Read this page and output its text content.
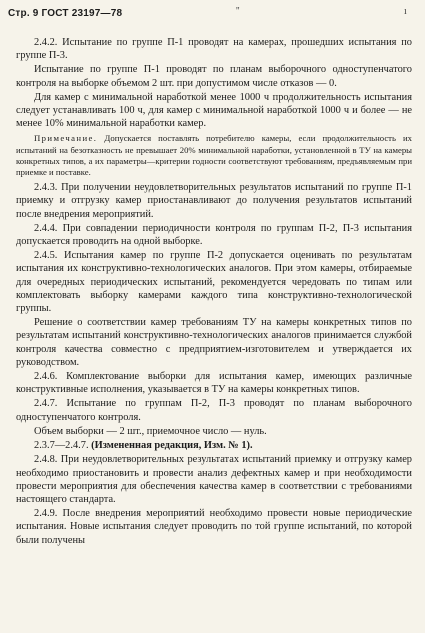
Стр. 9 ГОСТ 23197—78	''	ı

2.4.2. Испытание по группе П-1 проводят на камерах, прошедших испытания по группе П-3.

Испытание по группе П-1 проводят по планам выборочного одноступенчатого контроля на выборке объемом 2 шт. при допустимом числе отказов — 0.

Для камер с минимальной наработкой менее 1000 ч продолжительность испытания следует устанавливать 100 ч, для камер с минимальной наработкой 1000 ч и более — не менее 10% минимальной наработки камер.

Примечание. Допускается поставлять потребителю камеры, если продолжительность их испытаний на безотказность не превышает 20% минимальной наработки, установленной в ТУ на камеры конкретных типов, а их параметры—критерии годности соответствуют требованиям, предъявляемым при приемке и поставке.

2.4.3. При получении неудовлетворительных результатов испытаний по группе П-1 приемку и отгрузку камер приостанавливают до получения результатов испытаний после внедрения мероприятий.

2.4.4. При совпадении периодичности контроля по группам П-2, П-3 испытания допускается проводить на одной выборке.

2.4.5. Испытания камер по группе П-2 допускается оценивать по результатам испытания их конструктивно-технологических аналогов. При этом камеры, отбираемые для очередных периодических испытаний, рекомендуется чередовать по типам или комплектовать выборку камерами каждого типа конструктивно-технологической группы.

Решение о соответствии камер требованиям ТУ на камеры конкретных типов по результатам испытаний конструктивно-технологических аналогов принимается службой контроля качества совместно с предприятием-изготовителем и утверждается их руководством.

2.4.6. Комплектование выборки для испытания камер, имеющих различные конструктивные исполнения, указывается в ТУ на камеры конкретных типов.

2.4.7. Испытание по группам П-2, П-3 проводят по планам выборочного одноступенчатого контроля.

Объем выборки — 2 шт., приемочное число — нуль.

2.3.7—2.4.7. (Измененная редакция, Изм. № 1).

2.4.8. При неудовлетворительных результатах испытаний приемку и отгрузку камер необходимо приостановить и провести анализ дефектных камер и при необходимости провести мероприятия для обеспечения качества камер в соответствии с требованиями настоящего стандарта.

2.4.9. После внедрения мероприятий необходимо провести новые периодические испытания. Новые испытания следует проводить по той группе испытаний, по которой были получены
